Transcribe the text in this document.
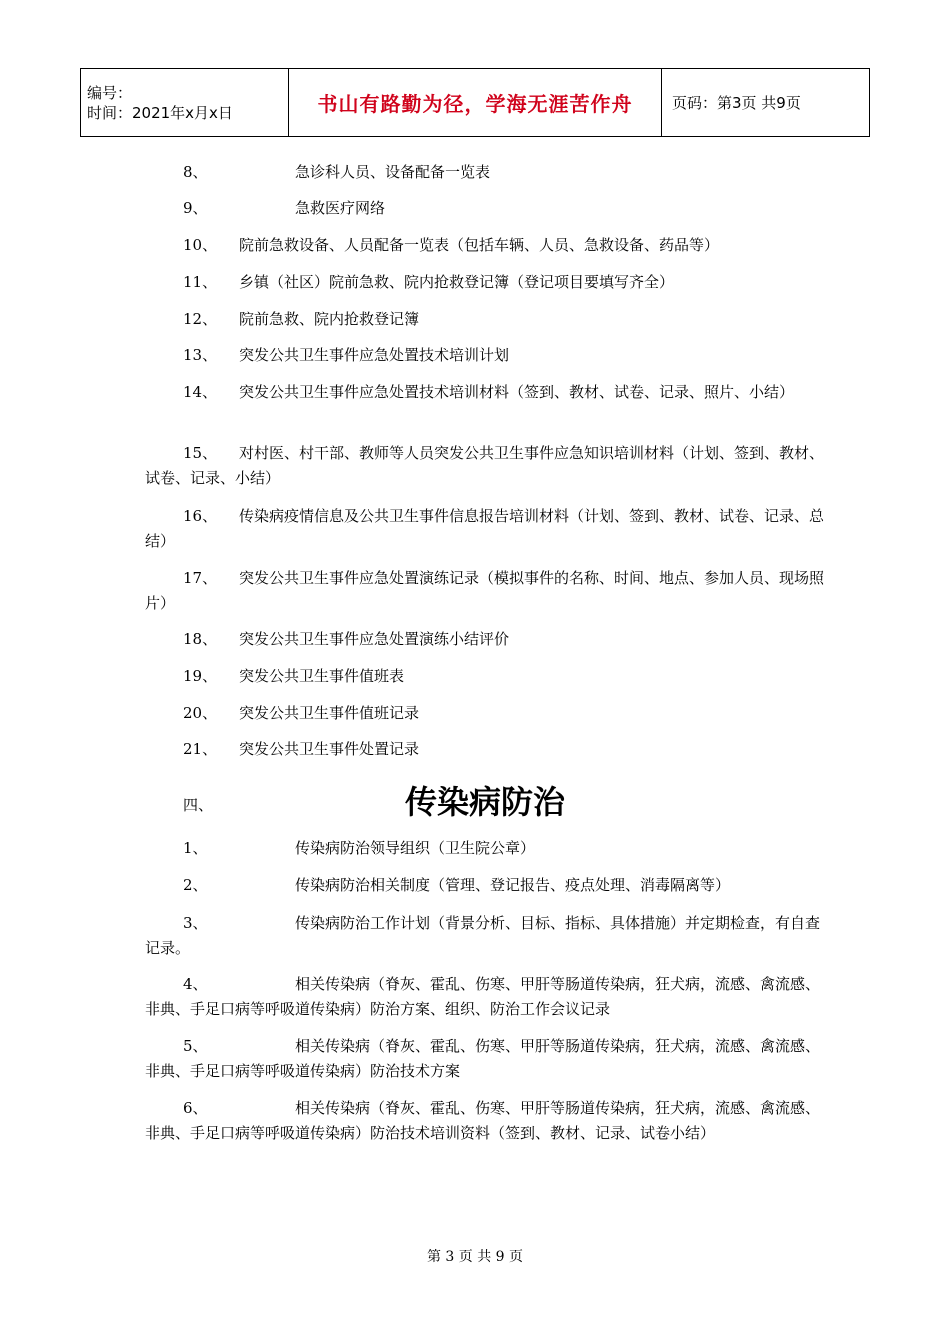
编号：
时间：2021年x月x日	书山有路勤为径，学海无涯苦作舟	页码：第3页 共9页
8、	急诊科人员、设备配备一览表
9、	急救医疗网络
10、 院前急救设备、人员配备一览表（包括车辆、人员、急救设备、药品等）
11、 乡镇（社区）院前急救、院内抢救登记簿（登记项目要填写齐全）
12、 院前急救、院内抢救登记簿
13、 突发公共卫生事件应急处置技术培训计划
14、 突发公共卫生事件应急处置技术培训材料（签到、教材、试卷、记录、照片、小结）
15、 对村医、村干部、教师等人员突发公共卫生事件应急知识培训材料（计划、签到、教材、试卷、记录、小结）
16、 传染病疫情信息及公共卫生事件信息报告培训材料（计划、签到、教材、试卷、记录、总结）
17、 突发公共卫生事件应急处置演练记录（模拟事件的名称、时间、地点、参加人员、现场照片）
18、 突发公共卫生事件应急处置演练小结评价
19、 突发公共卫生事件值班表
20、 突发公共卫生事件值班记录
21、 突发公共卫生事件处置记录
四、	传染病防治
1、	传染病防治领导组织（卫生院公章）
2、	传染病防治相关制度（管理、登记报告、疫点处理、消毒隔离等）
3、	传染病防治工作计划（背景分析、目标、指标、具体措施）并定期检查，有自查记录。
4、	相关传染病（脊灰、霍乱、伤寒、甲肝等肠道传染病，狂犬病，流感、禽流感、非典、手足口病等呼吸道传染病）防治方案、组织、防治工作会议记录
5、	相关传染病（脊灰、霍乱、伤寒、甲肝等肠道传染病，狂犬病，流感、禽流感、非典、手足口病等呼吸道传染病）防治技术方案
6、	相关传染病（脊灰、霍乱、伤寒、甲肝等肠道传染病，狂犬病，流感、禽流感、非典、手足口病等呼吸道传染病）防治技术培训资料（签到、教材、记录、试卷小结）
第 3 页 共 9 页
